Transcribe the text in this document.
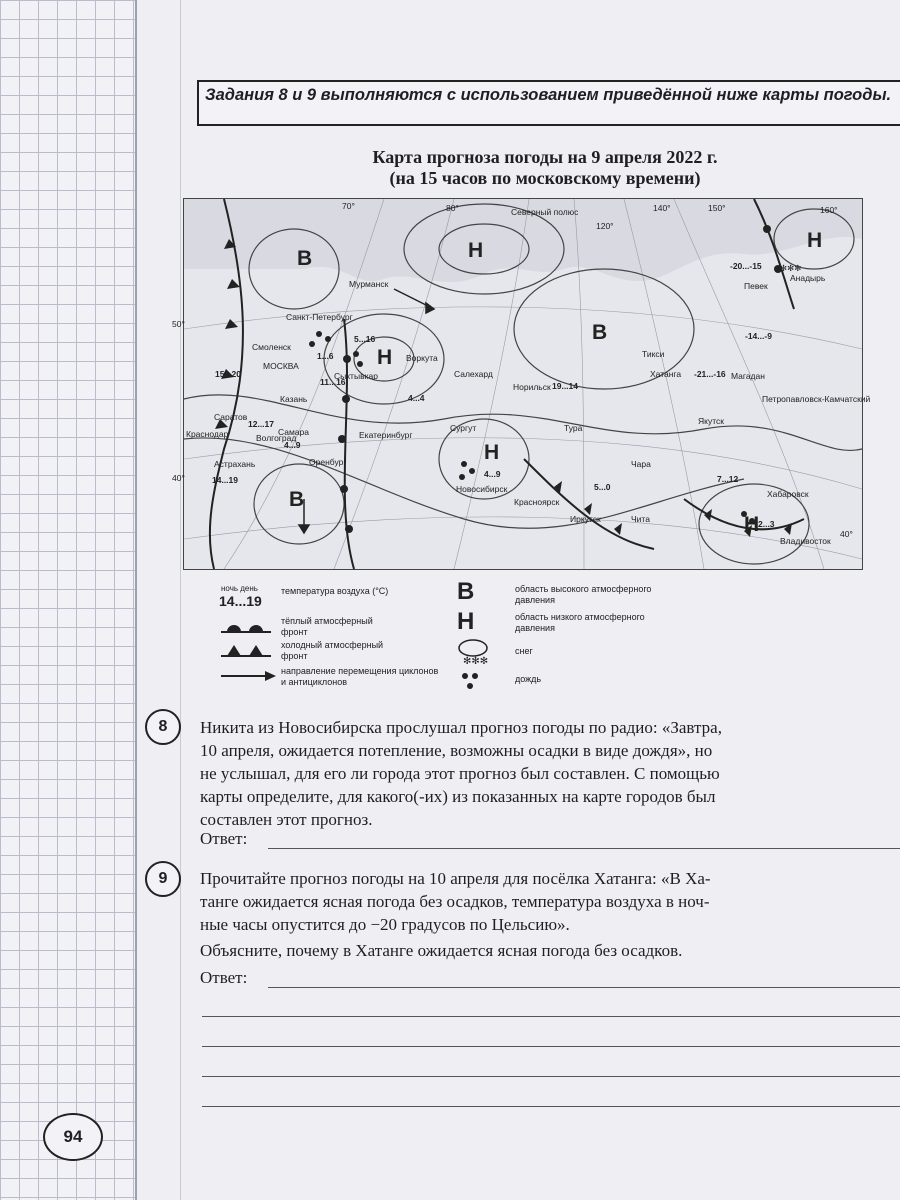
Задания 8 и 9 выполняются с использованием приведённой ниже карты погоды.
Карта прогноза погоды на 9 апреля 2022 г.
(на 15 часов по московскому времени)
✻✻✻
В	Н
Н
В
Н
В
Н
Н
Мурманск
Санкт-Петербург
Смоленск
МОСКВА
Сыктывкар
Воркута
Салехард
Казань
Саратов
Самара
Волгоград
Краснодар
Астрахань	Оренбург
Екатеринбург
Сургут
Новосибирск
Норильск
Тура
Красноярск
Иркутск	Чита
Чара
Якутск
Хатанга
Тикси
Магадан
Певек
Анадырь
Петропавловск-Камчатский
Хабаровск
Владивосток
5...16
1...6
15...20
11...16
4...4
12...17
4...9
14...19
4...9
19...14
-21...-16
5...0
7...12
2...3
-20...-15
-14...-9
Северный полюс
50°
40°
40°
70°	80°
120°
140°	150°	160°
ночь день
14...19
температура воздуха (°С)
тёплый атмосферный фронт
холодный атмосферный фронт
направление перемещения циклонов и антициклонов
В	область высокого атмосферного давления
Н	область низкого атмосферного давления
✻✻✻
снег
дождь
8	Никита из Новосибирска прослушал прогноз погоды по радио: «Завтра,
10 апреля, ожидается потепление, возможны осадки в виде дождя», но
не услышал, для его ли города этот прогноз был составлен. С помощью
карты определите, для какого(-их) из показанных на карте городов был
составлен этот прогноз.
Ответ:
9	Прочитайте прогноз погоды на 10 апреля для посёлка Хатанга: «В Ха-
танге ожидается ясная погода без осадков, температура воздуха в ноч-
ные часы опустится до −20 градусов по Цельсию».
Объясните, почему в Хатанге ожидается ясная погода без осадков.
Ответ:
94
